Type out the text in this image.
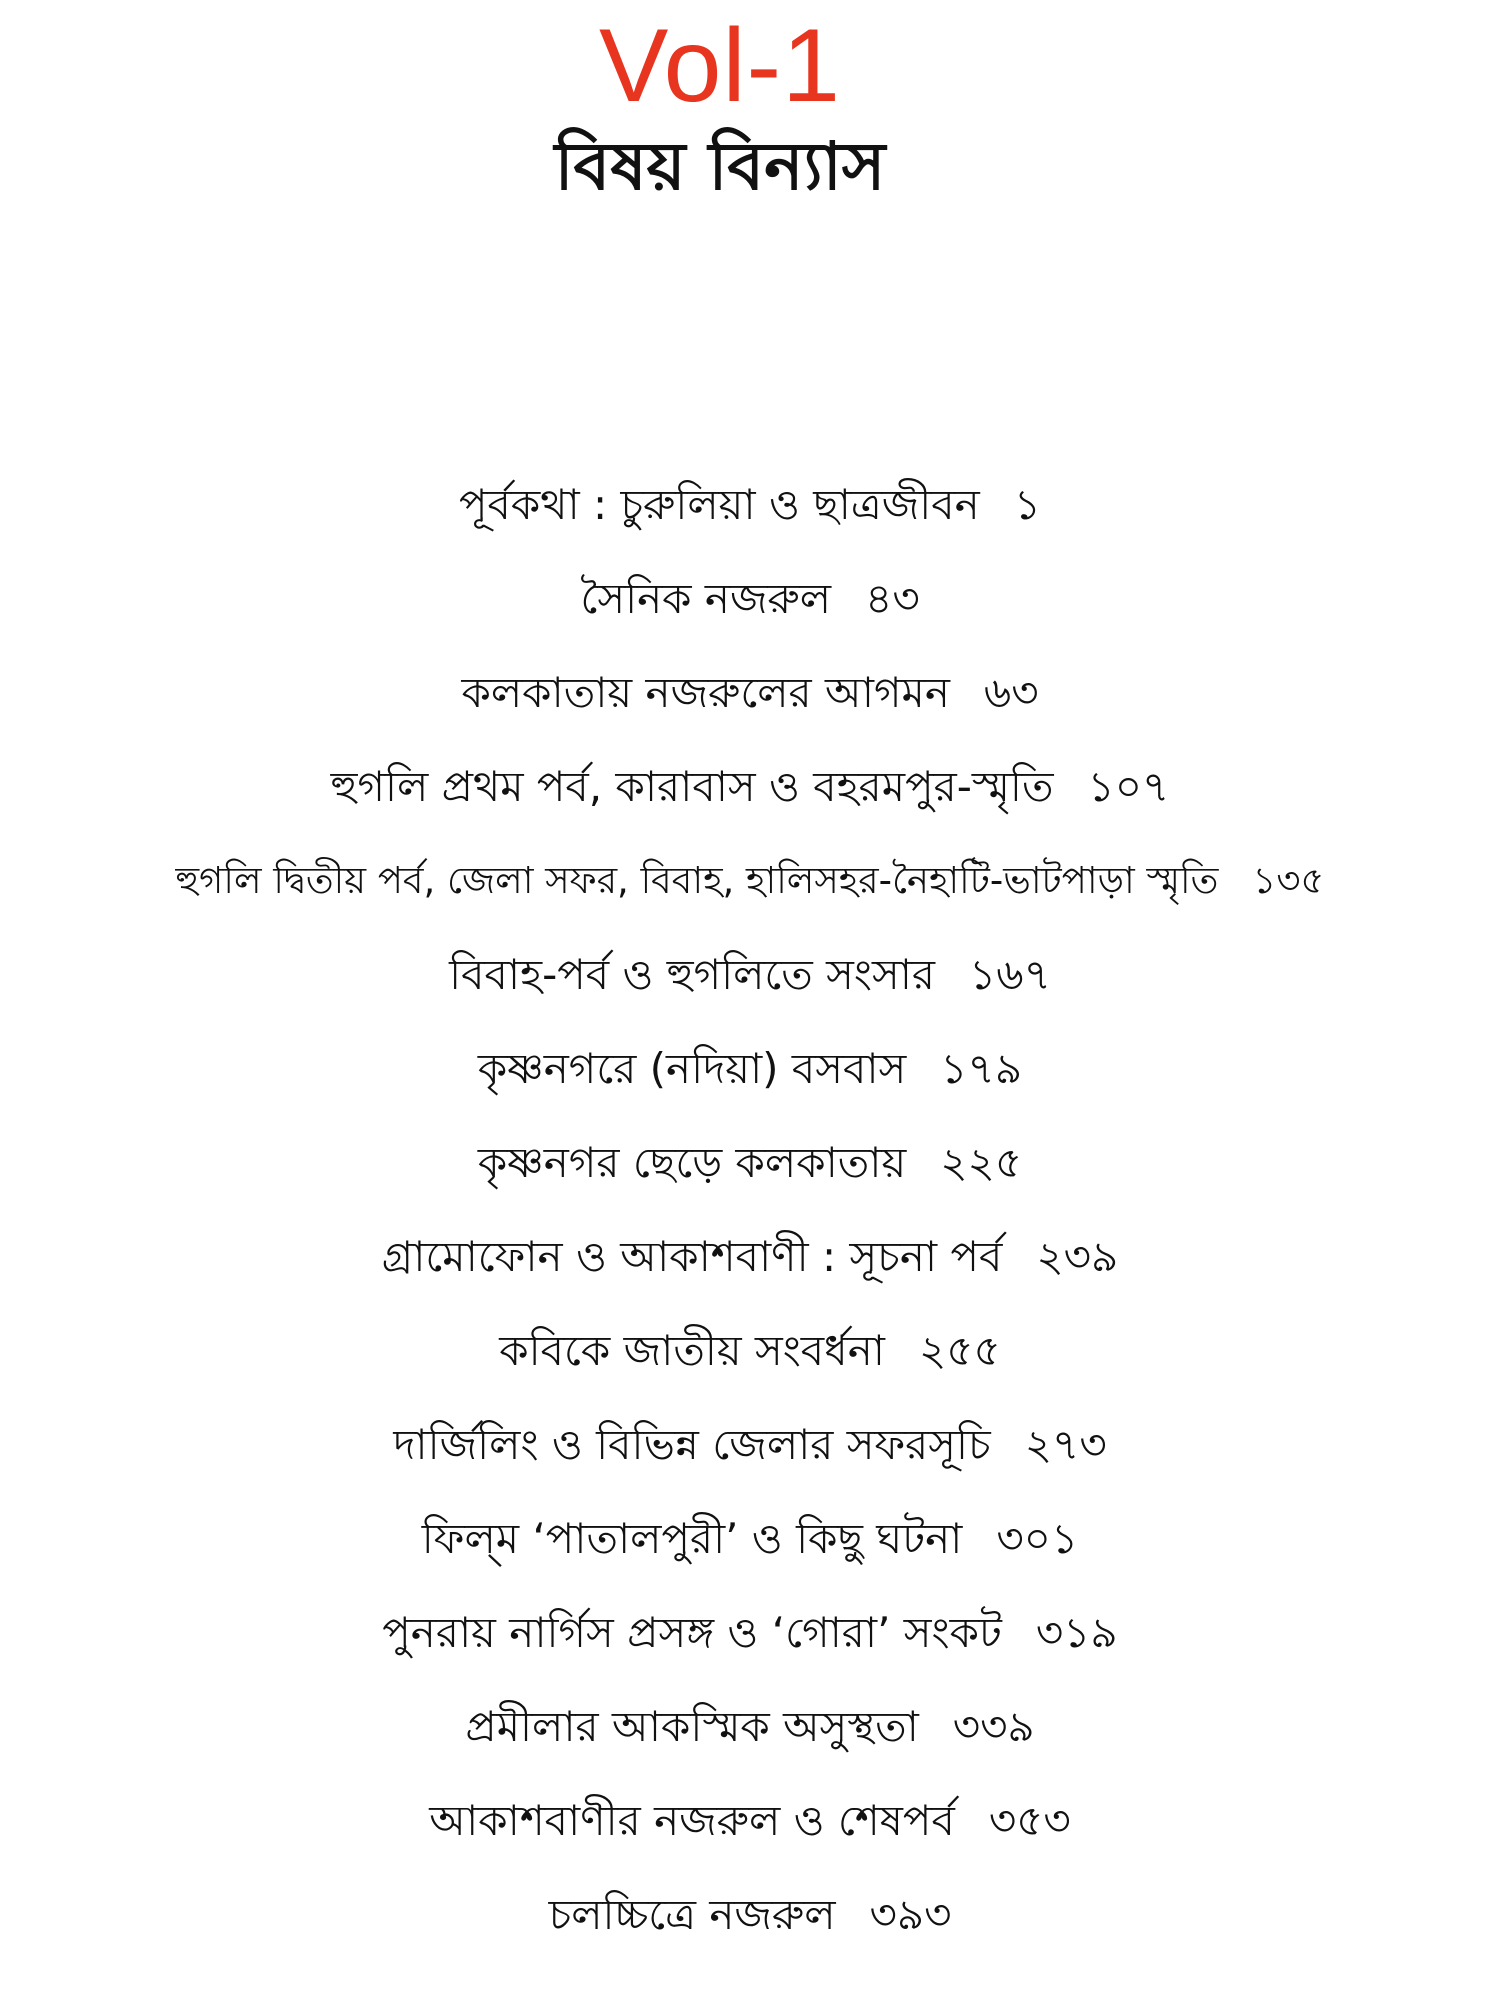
Vol-1
বিষয় বিন্যাস
পূর্বকথা : চুরুলিয়া ও ছাত্রজীবন ১
সৈনিক নজরুল ৪৩
কলকাতায় নজরুলের আগমন ৬৩
হুগলি প্রথম পর্ব, কারাবাস ও বহরমপুর-স্মৃতি ১০৭
হুগলি দ্বিতীয় পর্ব, জেলা সফর, বিবাহ, হালিসহর-নৈহাটি-ভাটপাড়া স্মৃতি ১৩৫
বিবাহ-পর্ব ও হুগলিতে সংসার ১৬৭
কৃষ্ণনগরে (নদিয়া) বসবাস ১৭৯
কৃষ্ণনগর ছেড়ে কলকাতায় ২২৫
গ্রামোফোন ও আকাশবাণী : সূচনা পর্ব ২৩৯
কবিকে জাতীয় সংবর্ধনা ২৫৫
দার্জিলিং ও বিভিন্ন জেলার সফরসূচি ২৭৩
ফিল্‌ম ‘পাতালপুরী’ ও কিছু ঘটনা ৩০১
পুনরায় নার্গিস প্রসঙ্গ ও ‘গোরা’ সংকট ৩১৯
প্রমীলার আকস্মিক অসুস্থতা ৩৩৯
আকাশবাণীর নজরুল ও শেষপর্ব ৩৫৩
চলচ্চিত্রে নজরুল ৩৯৩
